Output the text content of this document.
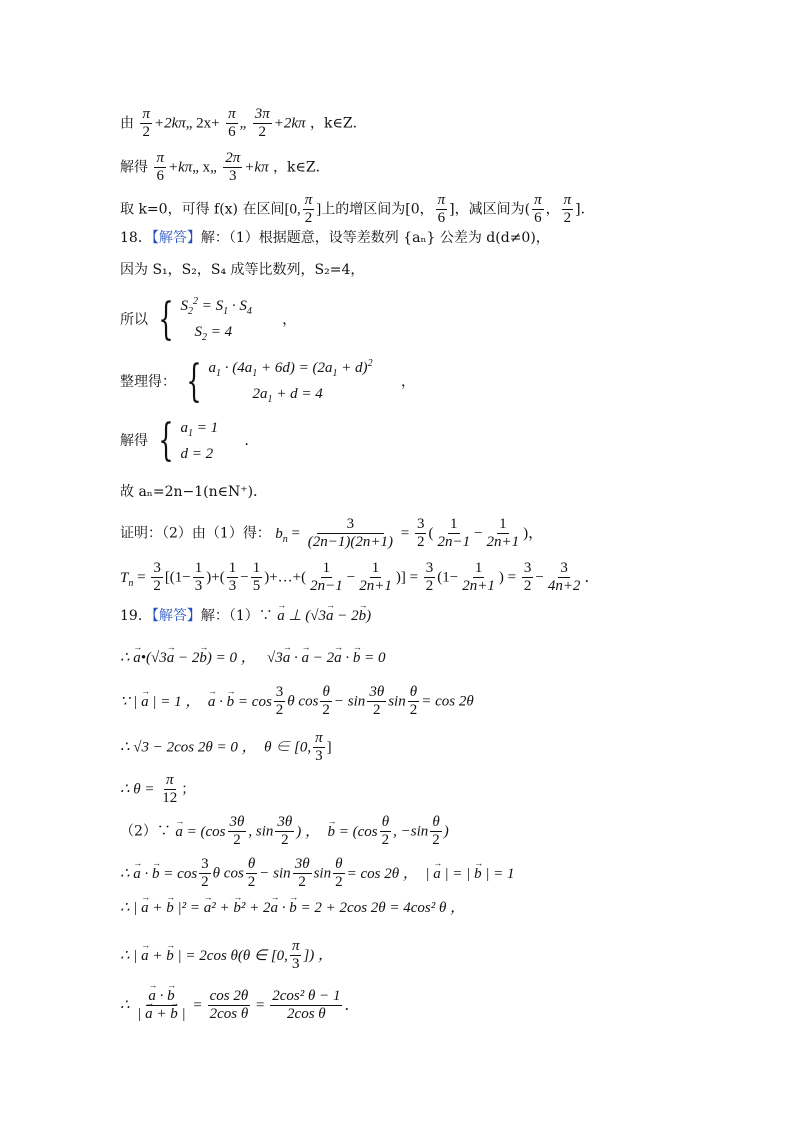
由 $\frac{\pi}{2}$ +2kπ„ $2x+ \frac{\pi}{6}$ „ $\frac{3\pi}{2} +2k\pi$ ，k∈Z．
解得 $\frac{\pi}{6}$ +kπ„ x„ $\frac{2\pi}{3} +k\pi$ ，k∈Z．
取 k=0，可得 f(x) 在区间[0, $\frac{\pi}{2}$ ]上的增区间为[0， $\frac{\pi}{6}$ ]，减区间为( $\frac{\pi}{6}$ ， $\frac{\pi}{2}$ ]．
18．【解答】解：（1）根据题意，设等差数列 {aₙ} 公差为 d(d≠0)，
因为 S₁，S₂，S₄ 成等比数列，S₂=4，
所以 { $S_2^2 = S_1 \cdot S_4$
$S_2 = 4$
，
整理得： { $a_1 \cdot (4a_1 + 6d) = (2a_1 + d)^2$
$2a_1 + d = 4$
，
解得 { $a_1 = 1$
d = 2
．
故 aₙ=2n−1(n∈N⁺)．
证明：（2）由（1）得： $b_n = \frac{3}{(2n-1)(2n+1)} = \frac{3}{2}$ ( $\frac{1}{2n-1} - \frac{1}{2n+1}$ )，
$T_n = \frac{3}{2} [(1- \frac{1}{3}$ )+( $\frac{1}{3} - \frac{1}{5}$ )+…+( $\frac{1}{2n-1} - \frac{1}{2n+1}$ )] = $\frac{3}{2} (1- \frac{1}{2n+1}$ ) = $\frac{3}{2} - \frac{3}{4n+2}$ ．
19．【解答】解：（1）∵ → a ⊥ (√3→ a − 2→ b)
∴ → a•(√3→ a − 2→ b) = 0 ，   √3→ a · → a − 2→ a · → b = 0
∵ | → a | = 1 ，  → a · → $b = \cos \frac{3}{2}$ θ $\cos \frac{\theta}{2} - \sin \frac{3\theta}{2}$ $\sin \frac{\theta}{2} = \cos 2\theta$
∴ √3 − 2cos 2θ = 0 ，  θ ∈ [0, $\frac{\pi}{3}$ ]
∴ $\theta = \frac{\pi}{12}$ ；
（2）∵ → $a = (\cos \frac{3\theta}{2}$ , $\sin \frac{3\theta}{2}$ ) ，  → $b = (\cos \frac{\theta}{2}$ , $-\sin \frac{\theta}{2}$ )
∴ → a · → $b = \cos \frac{3}{2}$ θ $\cos \frac{\theta}{2} - \sin \frac{3\theta}{2}$ $\sin \frac{\theta}{2} = \cos 2\theta$ ，  | → a | = | → b | = 1
∴ | → a + → b |² = → a² + → b² + 2→ a · → b = 2 + 2cos 2θ = 4cos² θ ，
∴ | → a + → b | = 2cos θ(θ ∈ [0, $\frac{\pi}{3}$ ]) ，
∴ → $\frac{a \cdot \to b}{| \to a + \to b |} = \frac{\cos 2\theta}{\text{2cos θ}} = \frac{\text{2cos² θ − 1}}{\text{2cos θ}}$ ．
